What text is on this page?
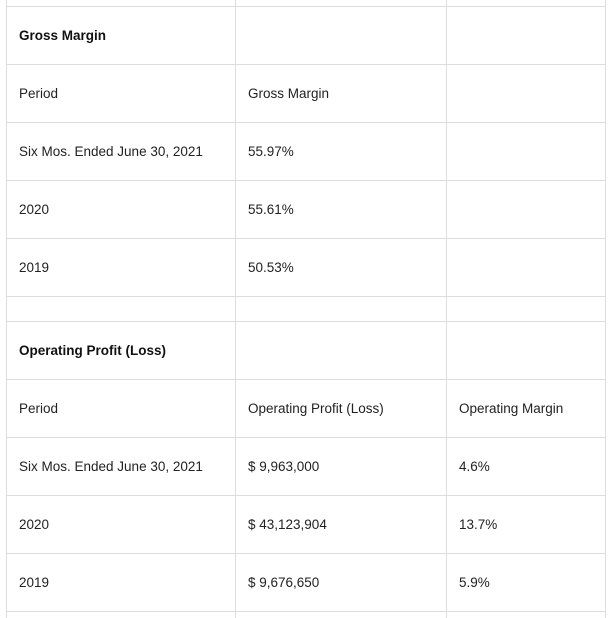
Gross Margin		
Period	Gross Margin	
Six Mos. Ended June 30, 2021	55.97%	
2020	55.61%	
2019	50.53%	

Operating Profit (Loss)		
Period	Operating Profit (Loss)	Operating Margin
Six Mos. Ended June 30, 2021	$ 9,963,000	4.6%
2020	$ 43,123,904	13.7%
2019	$ 9,676,650	5.9%
